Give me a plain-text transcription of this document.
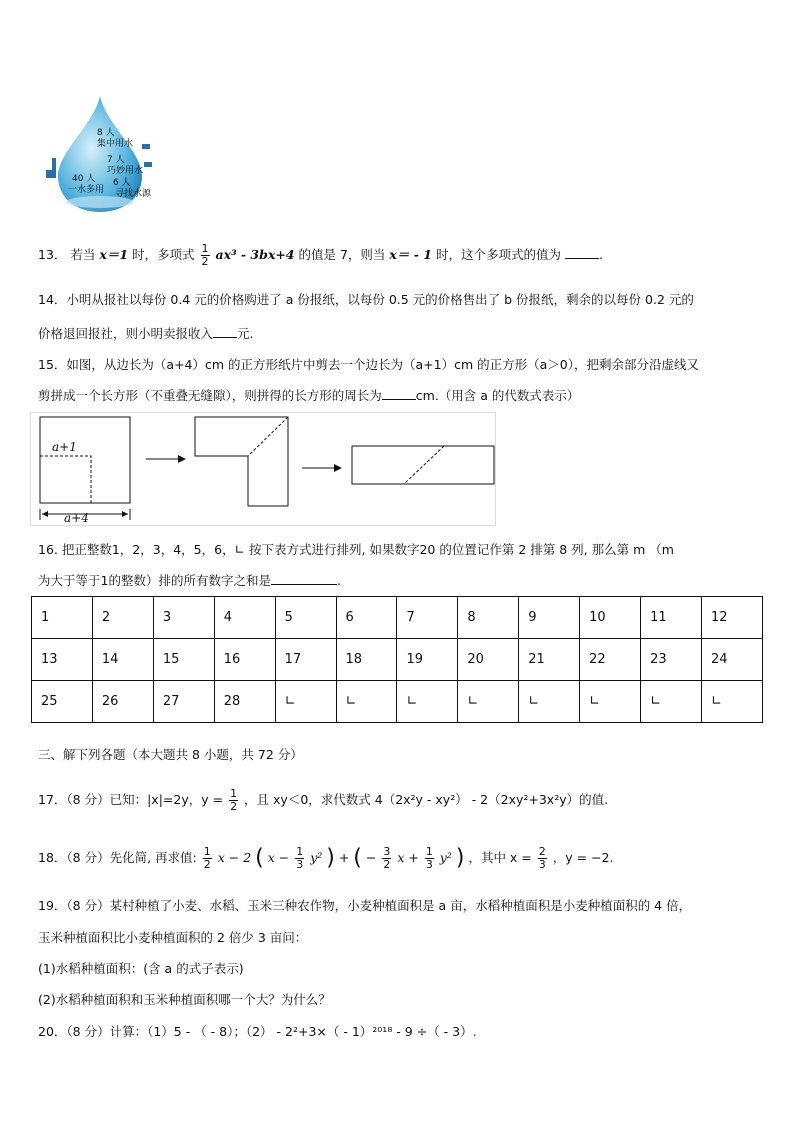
8 人
集中用水
7 人
巧妙用水
40 人
一水多用
6 人
寻找水源
13． 若当 x＝1 时，多项式 $\frac{1}{2} ax^3 - 3bx+4$ 的值是 7，则当 x＝ - 1 时，这个多项式的值为	.
14．小明从报社以每份 0.4 元的价格购进了 a 份报纸，以每份 0.5 元的价格售出了 b 份报纸，剩余的以每份 0.2 元的
价格退回报社，则小明卖报收入 元.
15．如图，从边长为（a+4）cm 的正方形纸片中剪去一个边长为（a+1）cm 的正方形（a＞0），把剩余部分沿虚线又
剪拼成一个长方形（不重叠无缝隙），则拼得的长方形的周长为	cm.（用含 a 的代数式表示）
a+1
a+4
16. 把正整数1，2，3，4，5，6，∟ 按下表方式进行排列, 如果数字20 的位置记作第 2 排第 8 列, 那么第 m （m
为大于等于1的整数）排的所有数字之和是	.
1	2	3	4	5	6	7	8	9	10	11	12
13	14	15	16	17	18	19	20	21	22	23	24
25	26	27	28	∟	∟	∟	∟	∟	∟	∟	∟
三、解下列各题（本大题共 8 小题，共 72 分）
17．（8 分）已知：|x|=2y，$y = \frac{1}{2}$ ，且 xy＜0，求代数式 4（2x²y - xy²） - 2（2xy²+3x²y）的值.
18．（8 分）先化简, 再求值: $\frac{1}{2}$ x − 2 ( $x - \frac{1}{3} y^2$ ) + ( − $\frac{3}{2}$ $x + \frac{1}{3} y^2$ ) ，其中 $x = \frac{2}{3}$ ，y = −2.
19．（8 分）某村种植了小麦、水稻、玉米三种农作物，小麦种植面积是 a 亩，水稻种植面积是小麦种植面积的 4 倍，
玉米种植面积比小麦种植面积的 2 倍少 3 亩问：
(1)水稻种植面积：(含 a 的式子表示)
(2)水稻种植面积和玉米种植面积哪一个大？为什么？
20．（8 分）计算：（1）5 - （ - 8）；（2） - 2²+3×（ - 1）²⁰¹⁸ - 9 ÷（ - 3）.
